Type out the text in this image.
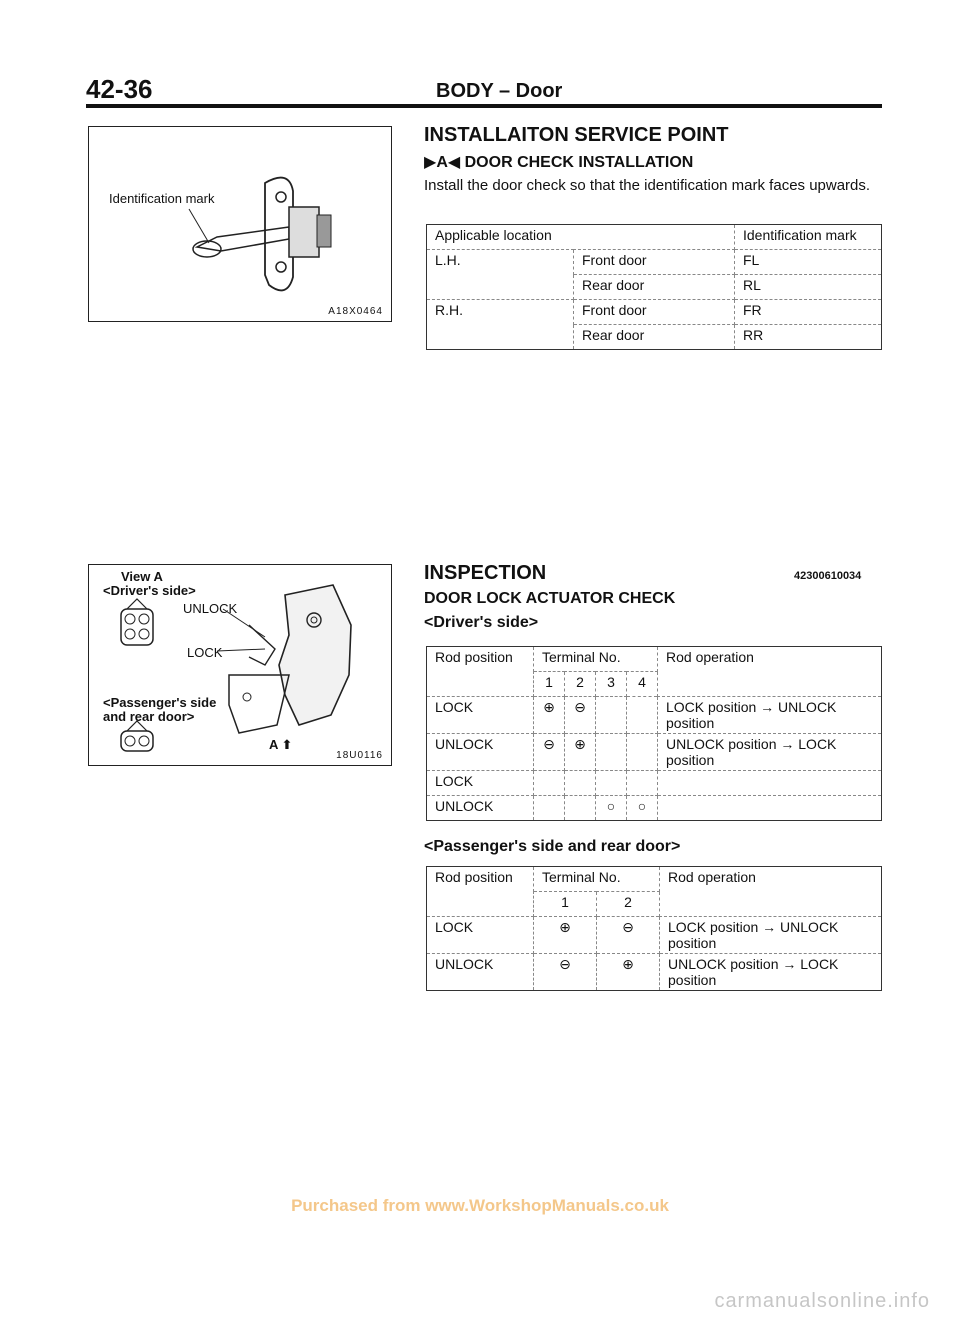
42-36	BODY – Door
Identification mark
A18X0464
INSTALLAITON SERVICE POINT
▶A◀ DOOR CHECK INSTALLATION
Install the door check so that the identification mark faces upwards.
Applicable location		Identification mark
L.H.	Front door	FL
	Rear door	RL
R.H.	Front door	FR
	Rear door	RR
View A
<Driver's side>
UNLOCK
LOCK
<Passenger's side
and rear door>
A ⬆
18U0116
INSPECTION	42300610034
DOOR LOCK ACTUATOR CHECK
<Driver's side>
Rod position	Terminal No.				Rod operation
	1	2	3	4	
LOCK	⊕	⊖			LOCK position → UNLOCK
position

UNLOCK	⊖	⊕			UNLOCK position → LOCK
position

LOCK					
UNLOCK			○	○	
<Passenger's side and rear door>
Rod position	Terminal No.		Rod operation
	1	2	
LOCK	⊕	⊖	LOCK position → UNLOCK
position

UNLOCK	⊖	⊕	UNLOCK position → LOCK
position
Purchased from www.WorkshopManuals.co.uk
carmanualsonline.info
